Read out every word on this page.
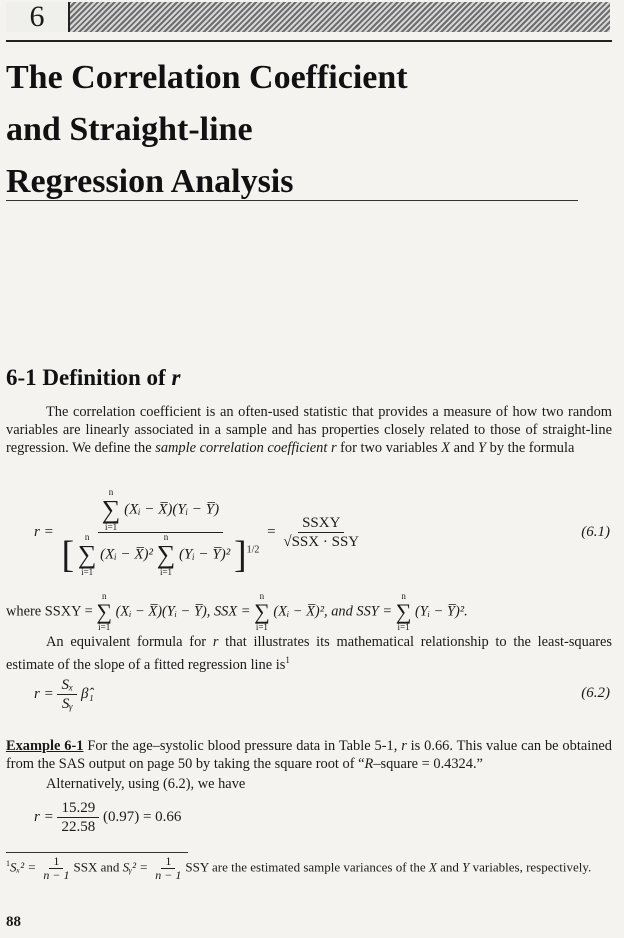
6
The Correlation Coefficient
and Straight-line
Regression Analysis
6-1 Definition of r

The correlation coefficient is an often-used statistic that provides a measure of how two random variables are linearly associated in a sample and has properties closely related to those of straight-line regression. We define the sample correlation coefficient r for two variables X and Y by the formula

r =
n
∑
i=1
(Xᵢ − X̅)(Yᵢ − Y̅)
[ n
∑
i=1
(Xᵢ − X̅)²
n
∑
i=1
(Yᵢ − Y̅)² ]$^{1/2}$
= $\frac{\text{SSXY}}{\text{√SSX · SSY}}$	(6.1)
where SSXY =
n
∑
i=1
(Xᵢ − X̅)(Yᵢ − Y̅), SSX =
n
∑
i=1
(Xᵢ − X̅)², and SSY =
n
∑
i=1
(Yᵢ − Y̅)².

An equivalent formula for r that illustrates its mathematical relationship to the least-squares estimate of the slope of a fitted regression line $is^1$

$r = \frac{\text{Sₓ}}{\text{Sᵧ}}$ β̂₁	(6.2)

Example 6-1 For the age–systolic blood pressure data in Table 5-1, r is 0.66. This value can be obtained from the SAS output on page 50 by taking the square root of “R–square = 0.4324.”

Alternatively, using (6.2), we have

$r = \frac{15.29}{22.58} (0.97) = 0.66$
$^1S_x^2 = \frac{1}{n - 1}$ SSX and Sᵧ² = $\frac{1}{n - 1}$ SSY are the estimated sample variances of the X and Y variables, respectively.
88
